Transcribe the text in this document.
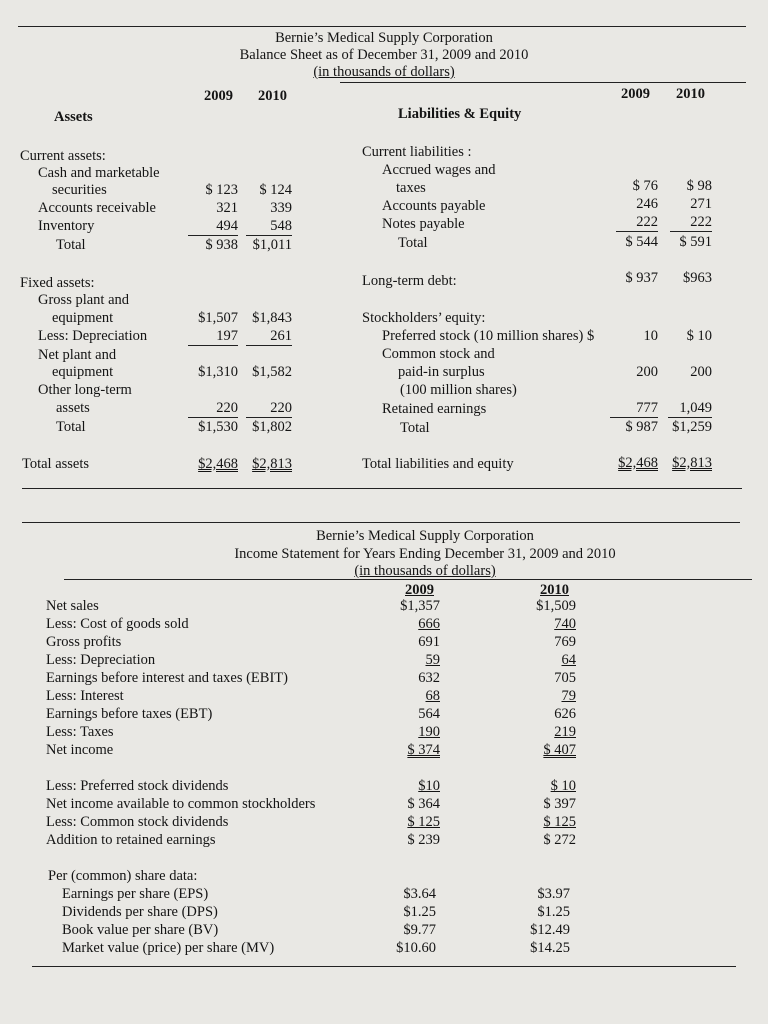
Bernie’s Medical Supply Corporation
Balance Sheet as of December 31, 2009 and 2010
(in thousands of dollars)
2009 2010	2009 2010
Assets	Liabilities & Equity
Current assets:
Cash and marketable
securities	$ 123	$ 124
Accounts receivable	321	339
Inventory	494	548
Total	$ 938	$1,011
Fixed assets:
Gross plant and
equipment	$1,507 $1,843
Less: Depreciation	197	261
Net plant and
equipment	$1,310 $1,582
Other long-term
assets	220	220
Total	$1,530 $1,802
Total assets	$2,468 $2,813
Current liabilities :
Accrued wages and
taxes	$ 76	$ 98
Accounts payable	246	271
Notes payable	222	222
Total	$ 544	$ 591
Long-term debt:	$ 937	$963
Stockholders’ equity:
Preferred stock (10 million shares) $	10	$ 10
Common stock and
paid-in surplus	200	200
(100 million shares)
Retained earnings	777	1,049
Total	$ 987 $1,259
Total liabilities and equity	$2,468 $2,813
Bernie’s Medical Supply Corporation
Income Statement for Years Ending December 31, 2009 and 2010
(in thousands of dollars)
2009	2010
Net sales	$1,357	$1,509
Less: Cost of goods sold	666	740
Gross profits	691	769
Less: Depreciation	59	64
Earnings before interest and taxes (EBIT)	632	705
Less: Interest	68	79
Earnings before taxes (EBT)	564	626
Less: Taxes	190	219
Net income	$ 374	$ 407
Less: Preferred stock dividends	$10	$ 10
Net income available to common stockholders	$ 364	$ 397
Less: Common stock dividends	$ 125	$ 125
Addition to retained earnings	$ 239	$ 272
Per (common) share data:
Earnings per share (EPS)	$3.64	$3.97
Dividends per share (DPS)	$1.25	$1.25
Book value per share (BV)	$9.77	$12.49
Market value (price) per share (MV)	$10.60	$14.25
